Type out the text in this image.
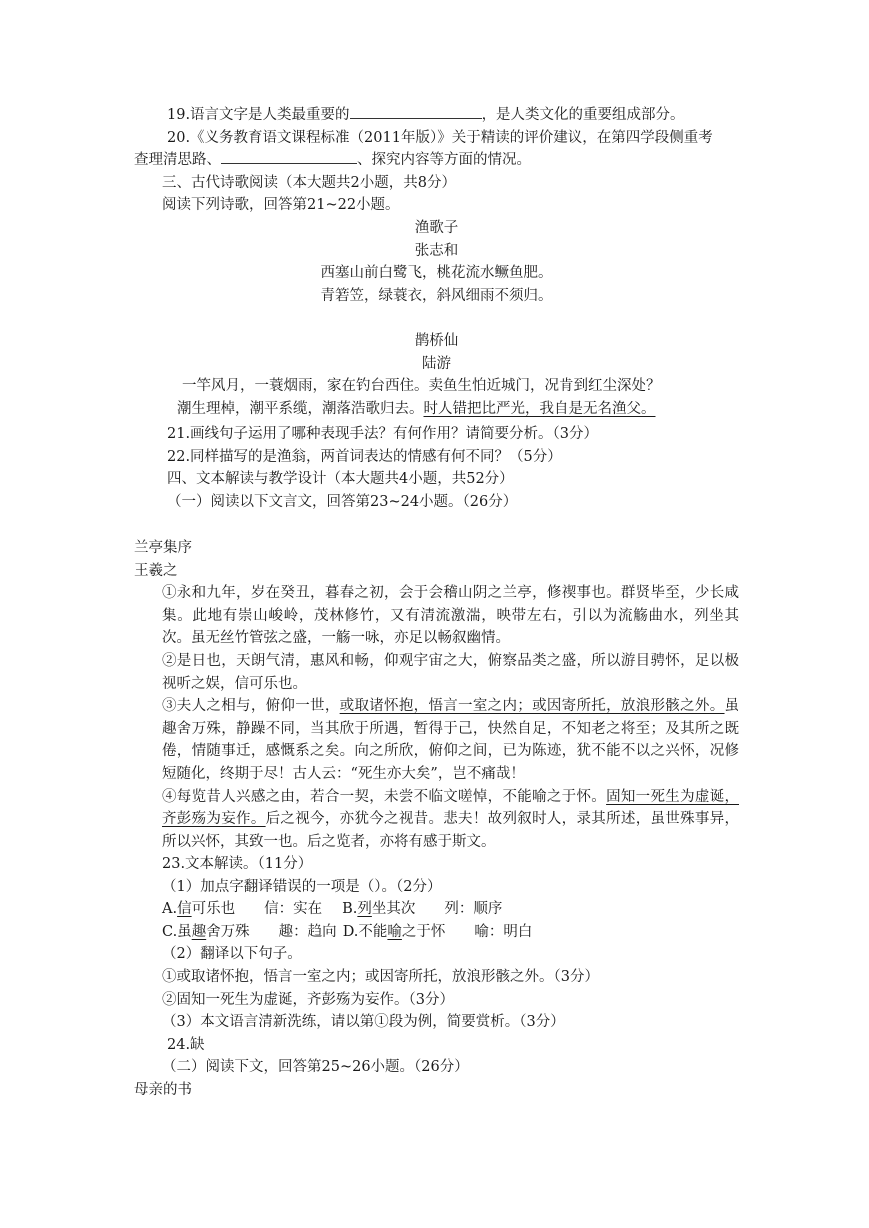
19.语言文字是人类最重要的	，是人类文化的重要组成部分。

20.《义务教育语文课程标准（2011年版）》关于精读的评价建议，在第四学段侧重考

查理清思路、	、探究内容等方面的情况。

三、古代诗歌阅读（本大题共2小题，共8分）

阅读下列诗歌，回答第21~22小题。

渔歌子

张志和

西塞山前白鹭飞，桃花流水鳜鱼肥。

青箬笠，绿蓑衣，斜风细雨不须归。

鹊桥仙

陆游

一竿风月，一蓑烟雨，家在钓台西住。卖鱼生怕近城门，况肯到红尘深处？

潮生理棹，潮平系缆，潮落浩歌归去。时人错把比严光，我自是无名渔父。

21.画线句子运用了哪种表现手法？有何作用？请简要分析。（3分）

22.同样描写的是渔翁，两首词表达的情感有何不同？（5分）

四、文本解读与教学设计（本大题共4小题，共52分）

（一）阅读以下文言文，回答第23~24小题。（26分）

兰亭集序

王羲之

①永和九年，岁在癸丑，暮春之初，会于会稽山阴之兰亭，修禊事也。群贤毕至，少长咸集。此地有崇山峻岭，茂林修竹，又有清流激湍，映带左右，引以为流觞曲水，列坐其次。虽无丝竹管弦之盛，一觞一咏，亦足以畅叙幽情。

②是日也，天朗气清，惠风和畅，仰观宇宙之大，俯察品类之盛，所以游目骋怀，足以极视听之娱，信可乐也。

③夫人之相与，俯仰一世，或取诸怀抱，悟言一室之内；或因寄所托，放浪形骸之外。虽趣舍万殊，静躁不同，当其欣于所遇，暂得于己，快然自足，不知老之将至；及其所之既倦，情随事迁，感慨系之矣。向之所欣，俯仰之间，已为陈迹，犹不能不以之兴怀，况修短随化，终期于尽！古人云：“死生亦大矣”，岂不痛哉！

④每览昔人兴感之由，若合一契，未尝不临文嗟悼，不能喻之于怀。固知一死生为虚诞，齐彭殇为妄作。后之视今，亦犹今之视昔。悲夫！故列叙时人，录其所述，虽世殊事异，所以兴怀，其致一也。后之览者，亦将有感于斯文。

23.文本解读。（11分）

（1）加点字翻译错误的一项是（）。（2分）

A.信可乐也　　信：实在 B.列坐其次　　列：顺序

C.虽趣舍万殊　　趣：趋向 D.不能喻之于怀　　喻：明白

（2）翻译以下句子。

①或取诸怀抱，悟言一室之内；或因寄所托，放浪形骸之外。（3分）

②固知一死生为虚诞，齐彭殇为妄作。（3分）

（3）本文语言清新洗练，请以第①段为例，简要赏析。（3分）

24.缺

（二）阅读下文，回答第25~26小题。（26分）

母亲的书
